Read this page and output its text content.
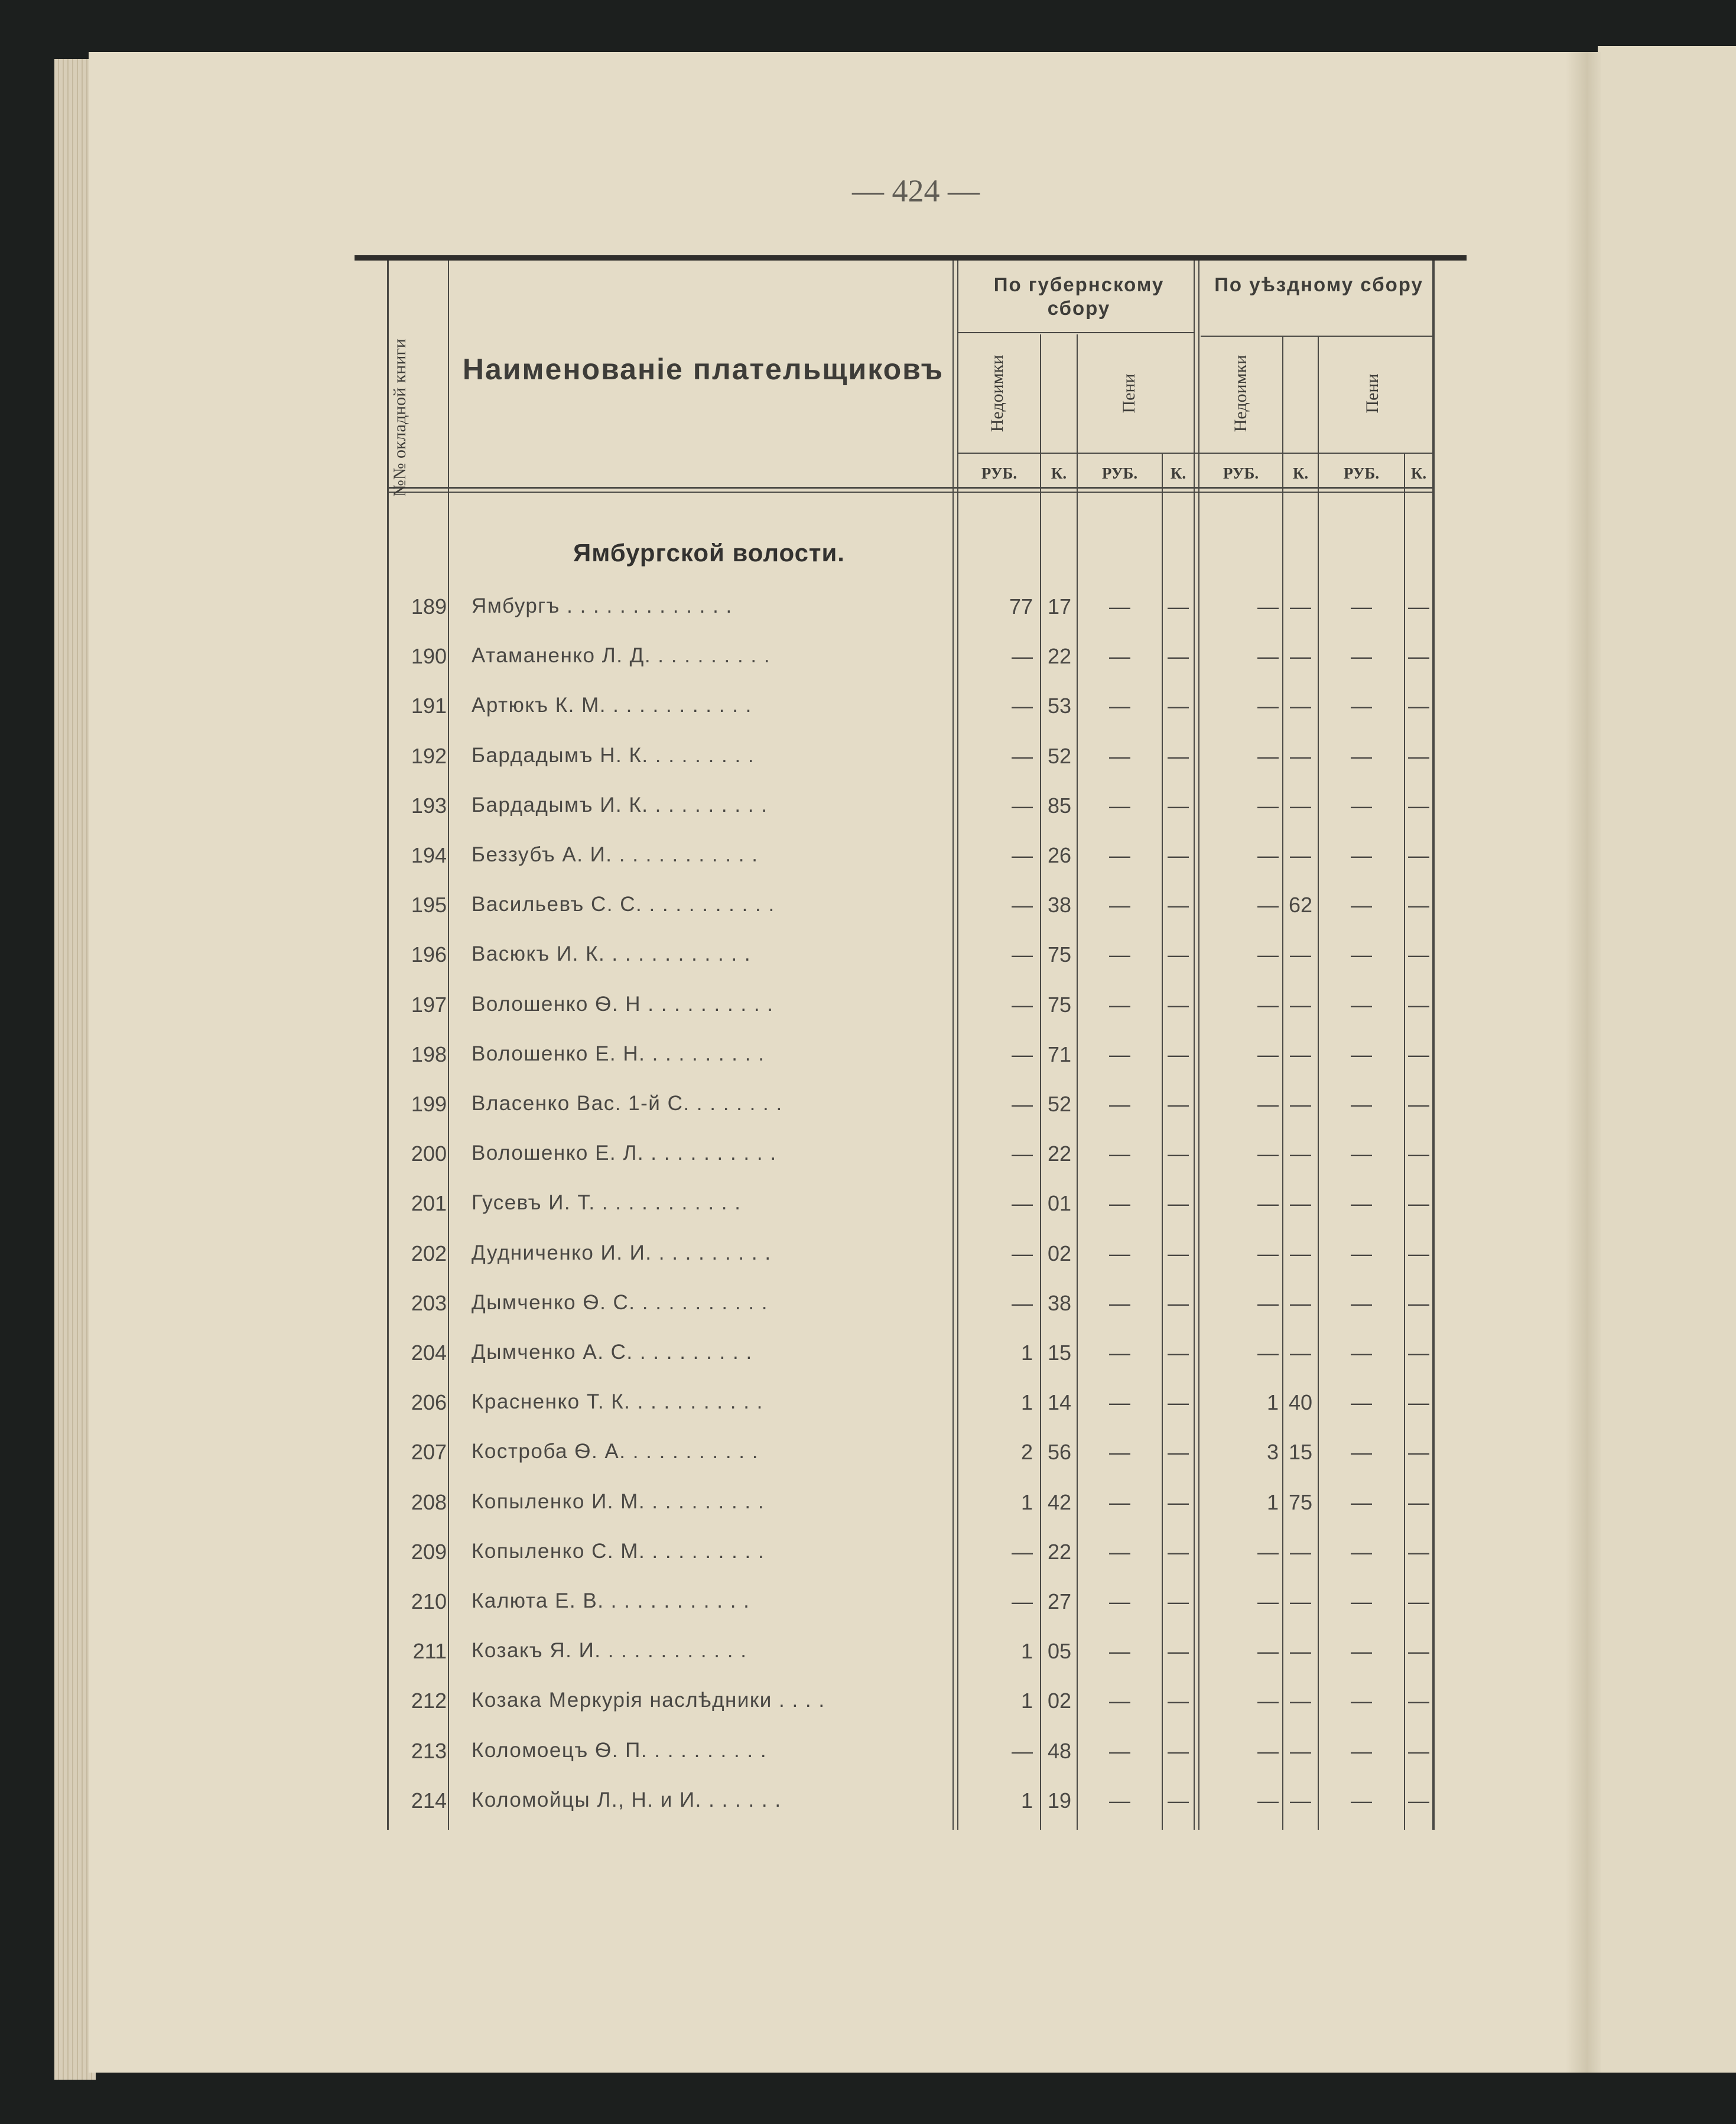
— 424 —
№№ окладной книги	Наименованіе плательщиковъ
По губернскому сбору
По уѣздному сбору
Недоимки	Пени	Недоимки	Пени
РУБ.	К.	РУБ.	К.	РУБ.	К.	РУБ.	К.
Ямбургской волости.
189 Ямбургъ . . . . . . . . . . . . .	77 17	—	—	— —	—	—
190 Атаманенко Л. Д. . . . . . . . . .	— 22	—	—	— —	—	—
191 Артюкъ К. М. . . . . . . . . . . .	— 53	—	—	— —	—	—
192 Бардадымъ Н. К. . . . . . . . .	— 52	—	—	— —	—	—
193 Бардадымъ И. К. . . . . . . . . .	— 85	—	—	— —	—	—
194 Беззубъ А. И. . . . . . . . . . . .	— 26	—	—	— —	—	—
195 Васильевъ С. С. . . . . . . . . . .	— 38	—	—	— 62	—	—
196 Васюкъ И. К. . . . . . . . . . . .	— 75	—	—	— —	—	—
197 Волошенко Ѳ. Н . . . . . . . . . .	— 75	—	—	— —	—	—
198 Волошенко Е. Н. . . . . . . . . .	— 71	—	—	— —	—	—
199 Власенко Вас. 1-й С. . . . . . . .	— 52	—	—	— —	—	—
200 Волошенко Е. Л. . . . . . . . . . .	— 22	—	—	— —	—	—
201 Гусевъ И. Т. . . . . . . . . . . .	— 01	—	—	— —	—	—
202 Дудниченко И. И. . . . . . . . . .	— 02	—	—	— —	—	—
203 Дымченко Ѳ. С. . . . . . . . . . .	— 38	—	—	— —	—	—
204 Дымченко А. С. . . . . . . . . .	1 15	—	—	— —	—	—
206 Красненко Т. К. . . . . . . . . . .	1 14	—	—	1 40	—	—
207 Костроба Ѳ. А. . . . . . . . . . .	2 56	—	—	3 15	—	—
208 Копыленко И. М. . . . . . . . . .	1 42	—	—	1 75	—	—
209 Копыленко С. М. . . . . . . . . .	— 22	—	—	— —	—	—
210 Калюта Е. В. . . . . . . . . . . .	— 27	—	—	— —	—	—
211 Козакъ Я. И. . . . . . . . . . . .	1 05	—	—	— —	—	—
212 Козака Меркурія наслѣдники . . . .	1 02	—	—	— —	—	—
213 Коломоецъ Ѳ. П. . . . . . . . . .	— 48	—	—	— —	—	—
214 Коломойцы Л., Н. и И. . . . . . .	1 19	—	—	— —	—	—
